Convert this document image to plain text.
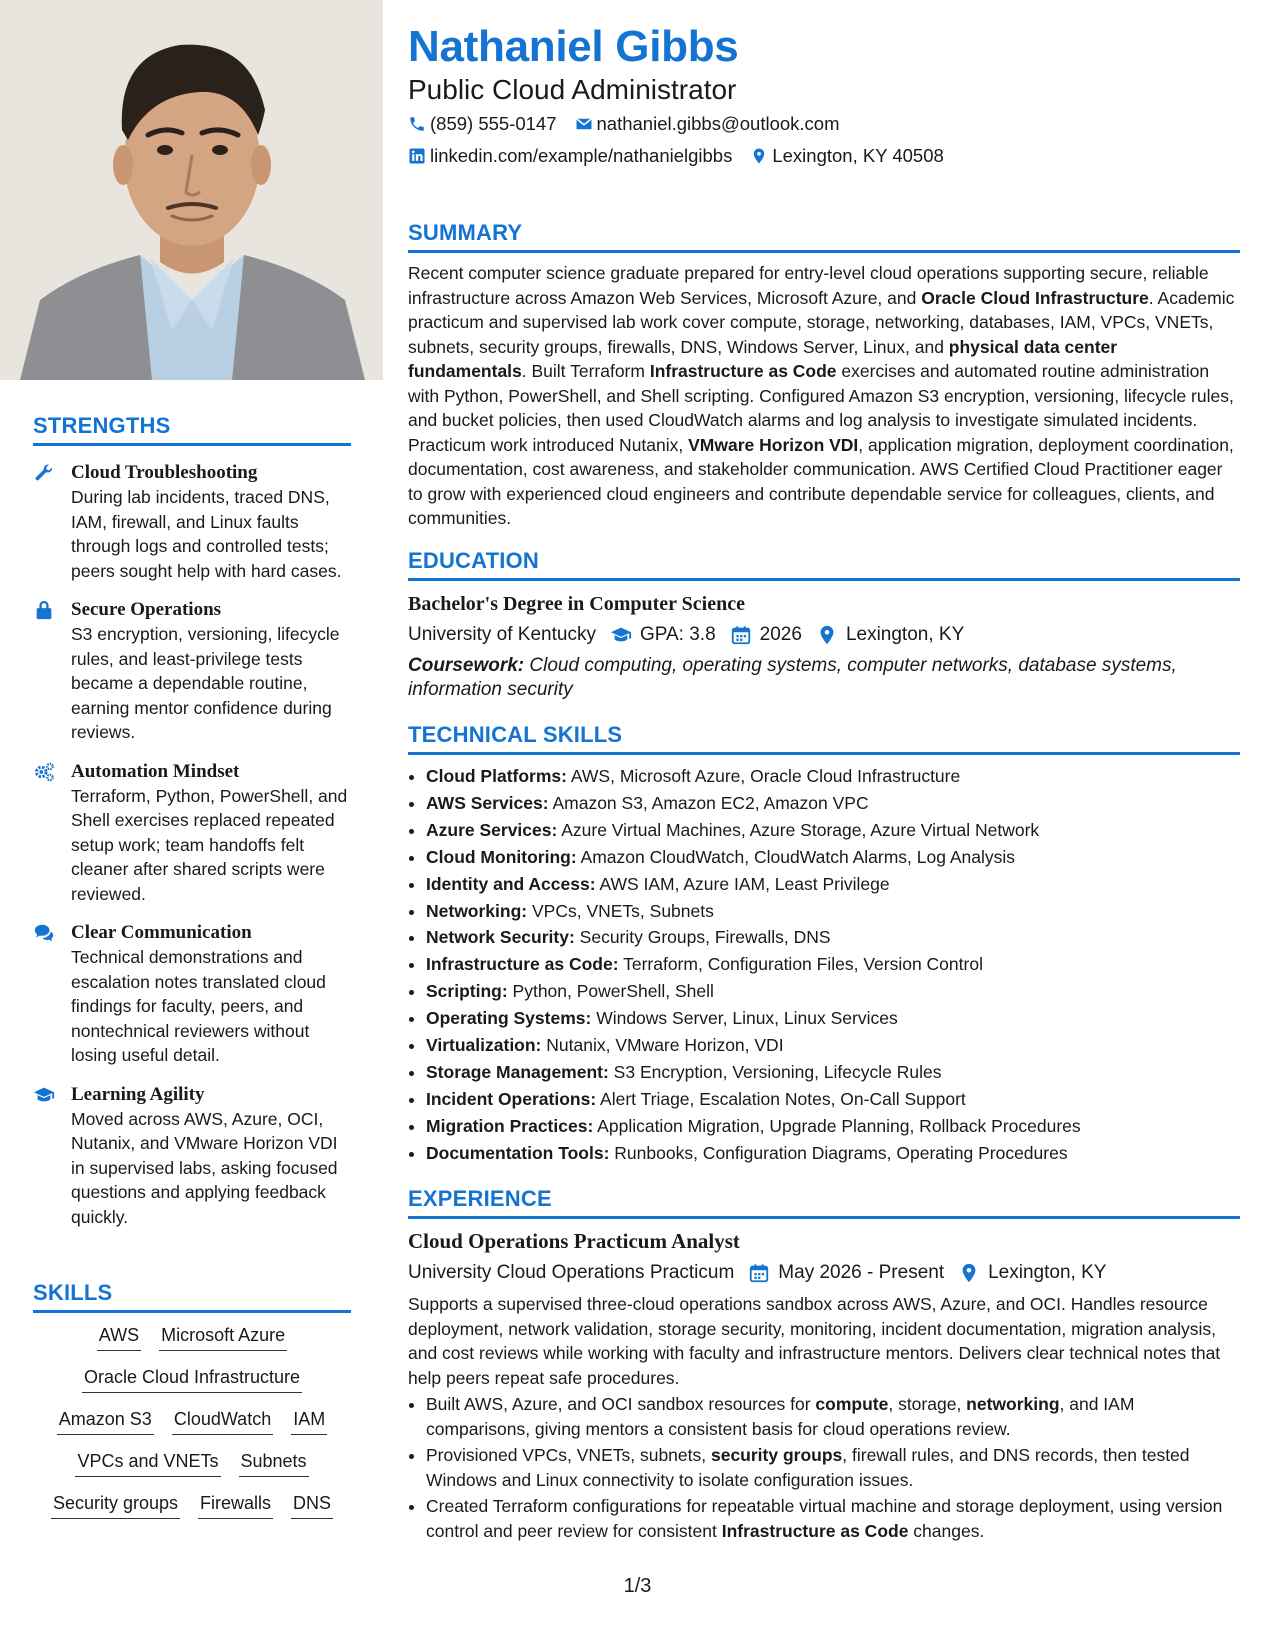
STRENGTHS
Cloud Troubleshooting
During lab incidents, traced DNS, IAM, firewall, and Linux faults through logs and controlled tests; peers sought help with hard cases.
Secure Operations
S3 encryption, versioning, lifecycle rules, and least-privilege tests became a dependable routine, earning mentor confidence during reviews.
Automation Mindset
Terraform, Python, PowerShell, and Shell exercises replaced repeated setup work; team handoffs felt cleaner after shared scripts were reviewed.
Clear Communication
Technical demonstrations and escalation notes translated cloud findings for faculty, peers, and nontechnical reviewers without losing useful detail.
Learning Agility
Moved across AWS, Azure, OCI, Nutanix, and VMware Horizon VDI in supervised labs, asking focused questions and applying feedback quickly.
SKILLS
AWS Microsoft Azure
Oracle Cloud Infrastructure
Amazon S3 CloudWatch IAM
VPCs and VNETs Subnets
Security groups Firewalls DNS
Nathaniel Gibbs
Public Cloud Administrator
(859) 555-0147 nathaniel.gibbs@outlook.com
linkedin.com/example/nathanielgibbs Lexington, KY 40508
SUMMARY
Recent computer science graduate prepared for entry-level cloud operations supporting secure, reliable infrastructure across Amazon Web Services, Microsoft Azure, and Oracle Cloud Infrastructure. Academic practicum and supervised lab work cover compute, storage, networking, databases, IAM, VPCs, VNETs, subnets, security groups, firewalls, DNS, Windows Server, Linux, and physical data center fundamentals. Built Terraform Infrastructure as Code exercises and automated routine administration with Python, PowerShell, and Shell scripting. Configured Amazon S3 encryption, versioning, lifecycle rules, and bucket policies, then used CloudWatch alarms and log analysis to investigate simulated incidents. Practicum work introduced Nutanix, VMware Horizon VDI, application migration, deployment coordination, documentation, cost awareness, and stakeholder communication. AWS Certified Cloud Practitioner eager to grow with experienced cloud engineers and contribute dependable service for colleagues, clients, and communities.
EDUCATION
Bachelor's Degree in Computer Science
University of Kentucky GPA: 3.8 2026 Lexington, KY
Coursework: Cloud computing, operating systems, computer networks, database systems, information security
TECHNICAL SKILLS
• Cloud Platforms: AWS, Microsoft Azure, Oracle Cloud Infrastructure
• AWS Services: Amazon S3, Amazon EC2, Amazon VPC
• Azure Services: Azure Virtual Machines, Azure Storage, Azure Virtual Network
• Cloud Monitoring: Amazon CloudWatch, CloudWatch Alarms, Log Analysis
• Identity and Access: AWS IAM, Azure IAM, Least Privilege
• Networking: VPCs, VNETs, Subnets
• Network Security: Security Groups, Firewalls, DNS
• Infrastructure as Code: Terraform, Configuration Files, Version Control
• Scripting: Python, PowerShell, Shell
• Operating Systems: Windows Server, Linux, Linux Services
• Virtualization: Nutanix, VMware Horizon, VDI
• Storage Management: S3 Encryption, Versioning, Lifecycle Rules
• Incident Operations: Alert Triage, Escalation Notes, On-Call Support
• Migration Practices: Application Migration, Upgrade Planning, Rollback Procedures
• Documentation Tools: Runbooks, Configuration Diagrams, Operating Procedures
EXPERIENCE
Cloud Operations Practicum Analyst
University Cloud Operations Practicum May 2026 - Present Lexington, KY
Supports a supervised three-cloud operations sandbox across AWS, Azure, and OCI. Handles resource deployment, network validation, storage security, monitoring, incident documentation, migration analysis, and cost reviews while working with faculty and infrastructure mentors. Delivers clear technical notes that help peers repeat safe procedures.
• Built AWS, Azure, and OCI sandbox resources for compute, storage, networking, and IAM comparisons, giving mentors a consistent basis for cloud operations review.
• Provisioned VPCs, VNETs, subnets, security groups, firewall rules, and DNS records, then tested Windows and Linux connectivity to isolate configuration issues.
• Created Terraform configurations for repeatable virtual machine and storage deployment, using version control and peer review for consistent Infrastructure as Code changes.
1/3
